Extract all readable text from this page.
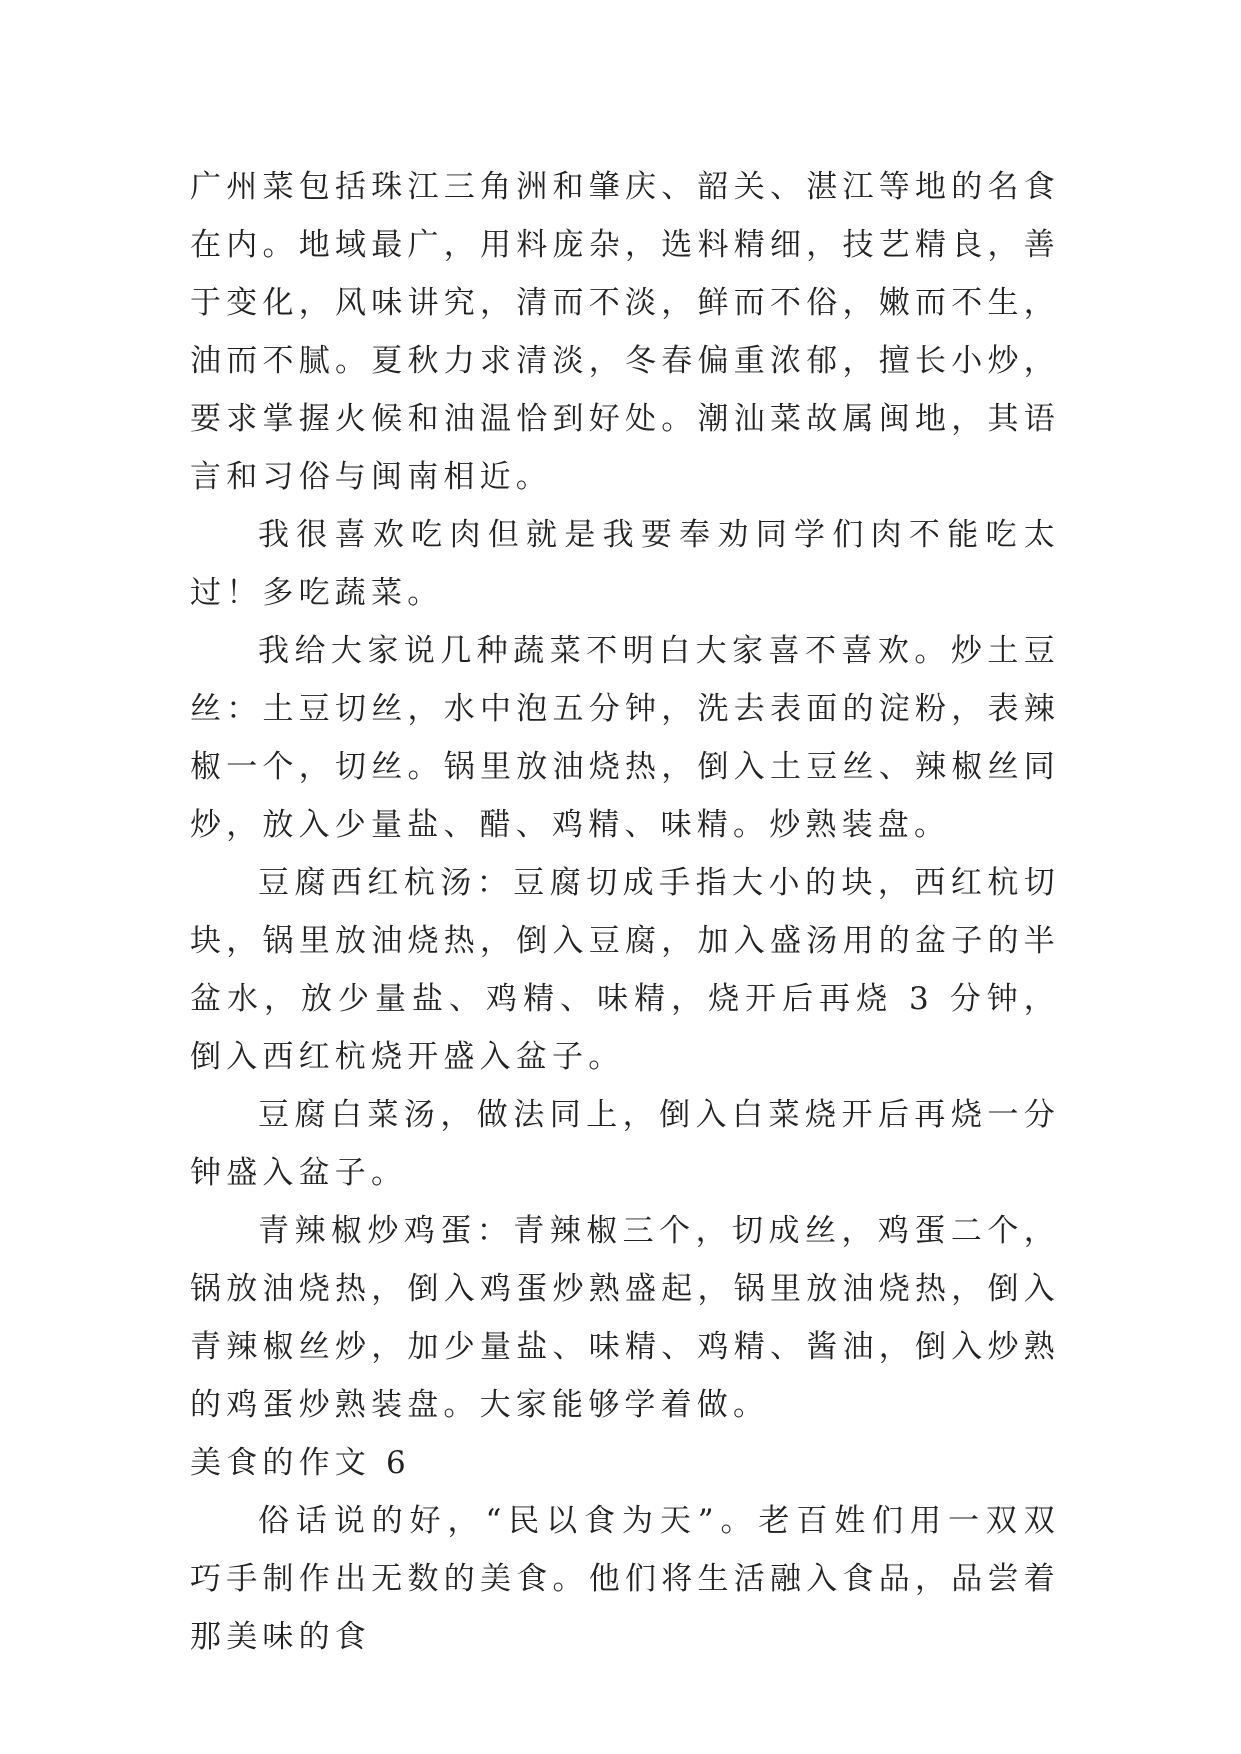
广州菜包括珠江三角洲和肇庆、韶关、湛江等地的名食在内。地域最广，用料庞杂，选料精细，技艺精良，善于变化，风味讲究，清而不淡，鲜而不俗，嫩而不生，油而不腻。夏秋力求清淡，冬春偏重浓郁，擅长小炒，要求掌握火候和油温恰到好处。潮汕菜故属闽地，其语言和习俗与闽南相近。

我很喜欢吃肉但就是我要奉劝同学们肉不能吃太过！多吃蔬菜。

我给大家说几种蔬菜不明白大家喜不喜欢。炒土豆丝：土豆切丝，水中泡五分钟，洗去表面的淀粉，表辣椒一个，切丝。锅里放油烧热，倒入土豆丝、辣椒丝同炒，放入少量盐、醋、鸡精、味精。炒熟装盘。

豆腐西红杭汤：豆腐切成手指大小的块，西红杭切块，锅里放油烧热，倒入豆腐，加入盛汤用的盆子的半盆水，放少量盐、鸡精、味精，烧开后再烧 3 分钟，倒入西红杭烧开盛入盆子。

豆腐白菜汤，做法同上，倒入白菜烧开后再烧一分钟盛入盆子。

青辣椒炒鸡蛋：青辣椒三个，切成丝，鸡蛋二个，锅放油烧热，倒入鸡蛋炒熟盛起，锅里放油烧热，倒入青辣椒丝炒，加少量盐、味精、鸡精、酱油，倒入炒熟的鸡蛋炒熟装盘。大家能够学着做。

美食的作文 6

俗话说的好，“民以食为天”。老百姓们用一双双巧手制作出无数的美食。他们将生活融入食品，品尝着那美味的食
